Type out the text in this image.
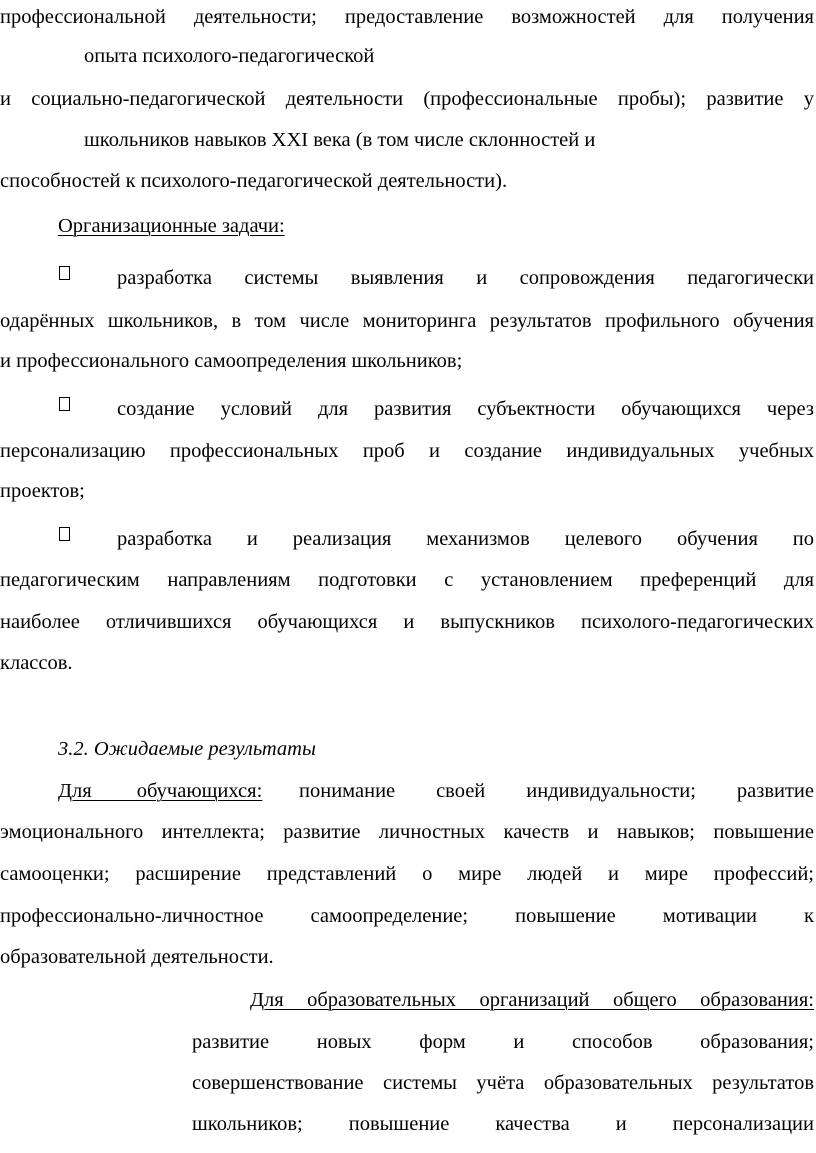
профессиональной деятельности; предоставление возможностей для получения
опыта психолого-педагогической
и социально-педагогической деятельности (профессиональные пробы); развитие у
школьников навыков XXI века (в том числе склонностей и
способностей к психолого-педагогической деятельности).
Организационные задачи:
разработка системы выявления и сопровождения педагогически
одарённых школьников, в том числе мониторинга результатов профильного обучения
и профессионального самоопределения школьников;
создание условий для развития субъектности обучающихся через
персонализацию профессиональных проб и создание индивидуальных учебных
проектов;
разработка и реализация механизмов целевого обучения по
педагогическим направлениям подготовки с установлением преференций для
наиболее отличившихся обучающихся и выпускников психолого-педагогических
классов.
3.2. Ожидаемые результаты
Для обучающихся: понимание своей индивидуальности; развитие
эмоционального интеллекта; развитие личностных качеств и навыков; повышение
самооценки; расширение представлений о мире людей и мире профессий;
профессионально-личностное самоопределение; повышение мотивации к
образовательной деятельности.
Для образовательных организаций общего образования:
развитие новых форм и способов образования;
совершенствование системы учёта образовательных результатов
школьников; повышение качества и персонализации
